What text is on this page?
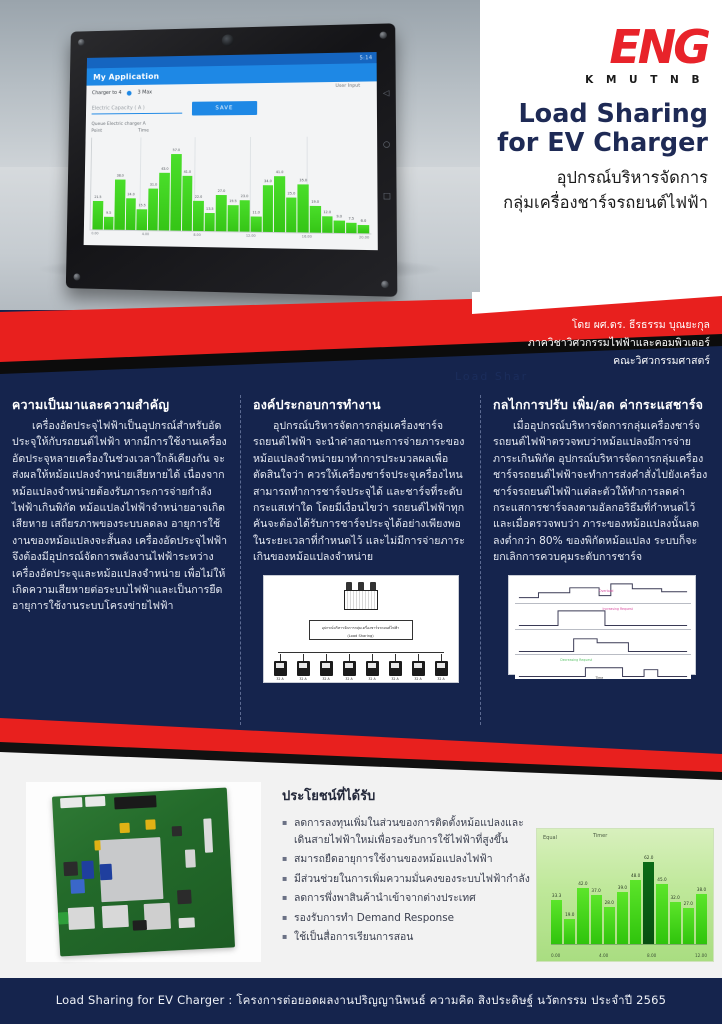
5:14
My Application
User Input
Charger to 4	3 Max
Electric Capacity ( A )	SAVE
Queue Electric charger A
Point	Time
21.5
9.5
38.0
24.0
15.5
31.0
43.0
57.0
41.0
22.0
13.5
27.0
19.5
23.0
11.0
34.0
41.0
25.0
35.0
19.0
12.0
9.0
7.5
6.0
0.00	4.00	8.00	12.00	16.00	20.00
◁
○
□
ENG
K M U T N B
Load Sharing
for EV Charger
อุปกรณ์บริหารจัดการ
กลุ่มเครื่องชาร์จรถยนต์ไฟฟ้า
โดย ผศ.ดร. ธีรธรรม บุณยะกุล
ภาควิชาวิศวกรรมไฟฟ้าและคอมพิวเตอร์
คณะวิศวกรรมศาสตร์
Load Shar
ความเป็นมาและความสำคัญ

เครื่องอัดประจุไฟฟ้าเป็นอุปกรณ์สำหรับอัดประจุให้กับรถยนต์ไฟฟ้า หากมีการใช้งานเครื่องอัดประจุหลายเครื่องในช่วงเวลาใกล้เคียงกัน จะส่งผลให้หม้อแปลงจำหน่ายเสียหายได้ เนื่องจากหม้อแปลงจำหน่ายต้องรับภาระการจ่ายกำลังไฟฟ้าเกินพิกัด หม้อแปลงไฟฟ้าจำหน่ายอาจเกิดเสียหาย เสถียรภาพของระบบลดลง อายุการใช้งานของหม้อแปลงจะสั้นลง เครื่องอัดประจุไฟฟ้าจึงต้องมีอุปกรณ์จัดการพลังงานไฟฟ้าระหว่างเครื่องอัดประจุและหม้อแปลงจำหน่าย เพื่อไม่ให้เกิดความเสียหายต่อระบบไฟฟ้าและเป็นการยืดอายุการใช้งานระบบโครงข่ายไฟฟ้า

องค์ประกอบการทำงาน

อุปกรณ์บริหารจัดการกลุ่มเครื่องชาร์จรถยนต์ไฟฟ้า จะนำค่าสถานะการจ่ายภาระของหม้อแปลงจำหน่ายมาทำการประมวลผลเพื่อตัดสินใจว่า ควรให้เครื่องชาร์จประจุเครื่องไหนสามารถทำการชาร์จประจุได้ และชาร์จที่ระดับกระแสเท่าใด โดยมีเงื่อนไขว่า รถยนต์ไฟฟ้าทุกคันจะต้องได้รับการชาร์จประจุได้อย่างเพียงพอในระยะเวลาที่กำหนดไว้ และไม่มีการจ่ายภาระเกินของหม้อแปลงจำหน่าย

อุปกรณ์บริหารจัดการกลุ่มเครื่องชาร์จรถยนต์ไฟฟ้า
(Load Sharing)
32 A	32 A	32 A	32 A	32 A	32 A	32 A	32 A
กลไกการปรับ เพิ่ม/ลด ค่ากระแสชาร์จ

เมื่ออุปกรณ์บริหารจัดการกลุ่มเครื่องชาร์จรถยนต์ไฟฟ้าตรวจพบว่าหม้อแปลงมีการจ่ายภาระเกินพิกัด อุปกรณ์บริหารจัดการกลุ่มเครื่องชาร์จรถยนต์ไฟฟ้าจะทำการส่งคำสั่งไปยังเครื่องชาร์จรถยนต์ไฟฟ้าแต่ละตัวให้ทำการลดค่ากระแสการชาร์จลงตามอัลกอริธึมที่กำหนดไว้ และเมื่อตรวจพบว่า ภาระของหม้อแปลงนั้นลดลงต่ำกว่า 80% ของพิกัดหม้อแปลง ระบบก็จะยกเลิกการควบคุมระดับการชาร์จ

Overload
Increasing Request
Decreasing Request
Time
ประโยชน์ที่ได้รับ
▪ ลดการลงทุนเพิ่มในส่วนของการติดตั้งหม้อแปลงและเดินสายไฟฟ้าใหม่เพื่อรองรับการใช้ไฟฟ้าที่สูงขึ้น
▪ สมารถยืดอายุการใช้งานของหม้อแปลงไฟฟ้า
▪ มีส่วนช่วยในการเพิ่มความมั่นคงของระบบไฟฟ้ากำลัง
▪ ลดการพึ่งพาสินค้านำเข้าจากต่างประเทศ
▪ รองรับการทำ Demand Response
▪ ใช้เป็นสื่อการเรียนการสอน
Equal	Timer
33.3
19.0
42.0
37.0
28.0
39.0
48.0
62.0
45.0
32.0
27.0
38.0
0.00	4.00	8.00	12.00
Load Sharing for EV Charger : โครงการต่อยอดผลงานปริญญานิพนธ์ ความคิด สิงประดิษฐ์ นวัตกรรม ประจำปี 2565
